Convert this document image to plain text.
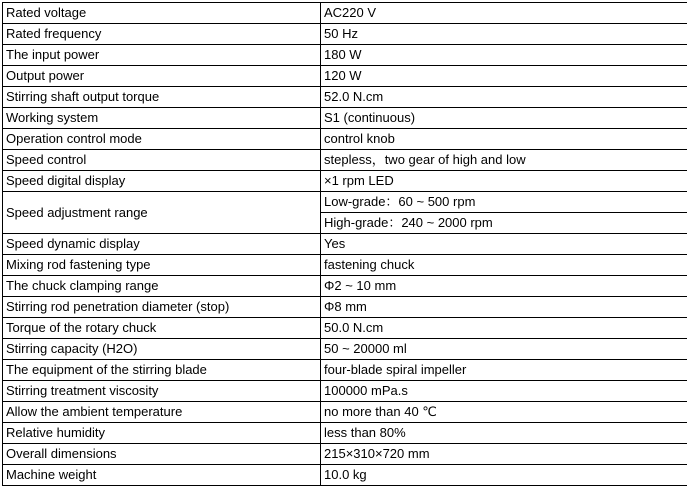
Rated voltage	AC220 V
Rated frequency	50 Hz
The input power	180 W
Output power	120 W
Stirring shaft output torque	52.0 N.cm
Working system	S1 (continuous)
Operation control mode	control knob
Speed control	stepless，two gear of high and low
Speed digital display	×1 rpm LED
Speed adjustment range	Low-grade：60 ~ 500 rpm
	High-grade：240 ~ 2000 rpm
Speed dynamic display	Yes
Mixing rod fastening type	fastening chuck
The chuck clamping range	Φ2 ~ 10 mm
Stirring rod penetration diameter (stop)	Φ8 mm
Torque of the rotary chuck	50.0 N.cm
Stirring capacity (H2O)	50 ~ 20000 ml
The equipment of the stirring blade	four-blade spiral impeller
Stirring treatment viscosity	100000 mPa.s
Allow the ambient temperature	no more than 40 ℃
Relative humidity	less than 80%
Overall dimensions	215×310×720 mm
Machine weight	10.0 kg
